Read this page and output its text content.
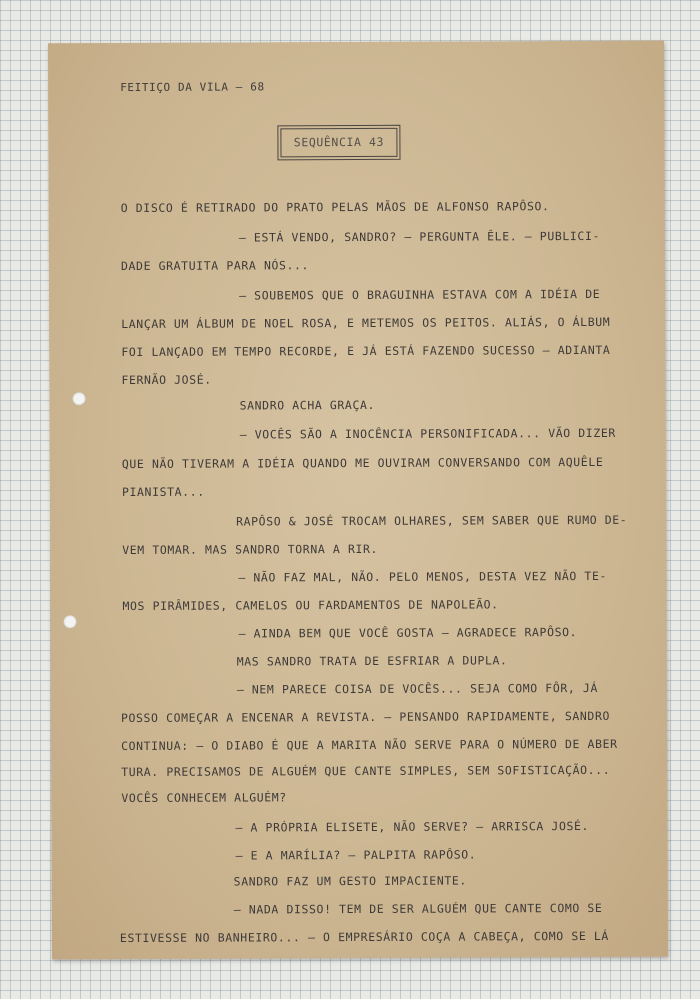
FEITIÇO DA VILA — 68
SEQUÊNCIA 43
O DISCO É RETIRADO DO PRATO PELAS MÃOS DE ALFONSO RAPÔSO.
— ESTÁ VENDO, SANDRO? — PERGUNTA ÊLE. — PUBLICI-
DADE GRATUITA PARA NÓS...
— SOUBEMOS QUE O BRAGUINHA ESTAVA COM A IDÉIA DE
LANÇAR UM ÁLBUM DE NOEL ROSA, E METEMOS OS PEITOS. ALIÁS, O ÁLBUM
FOI LANÇADO EM TEMPO RECORDE, E JÁ ESTÁ FAZENDO SUCESSO — ADIANTA
FERNÃO JOSÉ.
SANDRO ACHA GRAÇA.
— VOCÊS SÃO A INOCÊNCIA PERSONIFICADA... VÃO DIZER
QUE NÃO TIVERAM A IDÉIA QUANDO ME OUVIRAM CONVERSANDO COM AQUÊLE
PIANISTA...
RAPÔSO & JOSÉ TROCAM OLHARES, SEM SABER QUE RUMO DE-
VEM TOMAR. MAS SANDRO TORNA A RIR.
— NÃO FAZ MAL, NÃO. PELO MENOS, DESTA VEZ NÃO TE-
MOS PIRÂMIDES, CAMELOS OU FARDAMENTOS DE NAPOLEÃO.
— AINDA BEM QUE VOCÊ GOSTA — AGRADECE RAPÔSO.
MAS SANDRO TRATA DE ESFRIAR A DUPLA.
— NEM PARECE COISA DE VOCÊS... SEJA COMO FÔR, JÁ
POSSO COMEÇAR A ENCENAR A REVISTA. — PENSANDO RAPIDAMENTE, SANDRO
CONTINUA: — O DIABO É QUE A MARITA NÃO SERVE PARA O NÚMERO DE ABER
TURA. PRECISAMOS DE ALGUÉM QUE CANTE SIMPLES, SEM SOFISTICAÇÃO...
VOCÊS CONHECEM ALGUÉM?
— A PRÓPRIA ELISETE, NÃO SERVE? — ARRISCA JOSÉ.
— E A MARÍLIA? — PALPITA RAPÔSO.
SANDRO FAZ UM GESTO IMPACIENTE.
— NADA DISSO! TEM DE SER ALGUÉM QUE CANTE COMO SE
ESTIVESSE NO BANHEIRO... — O EMPRESÁRIO COÇA A CABEÇA, COMO SE LÁ
